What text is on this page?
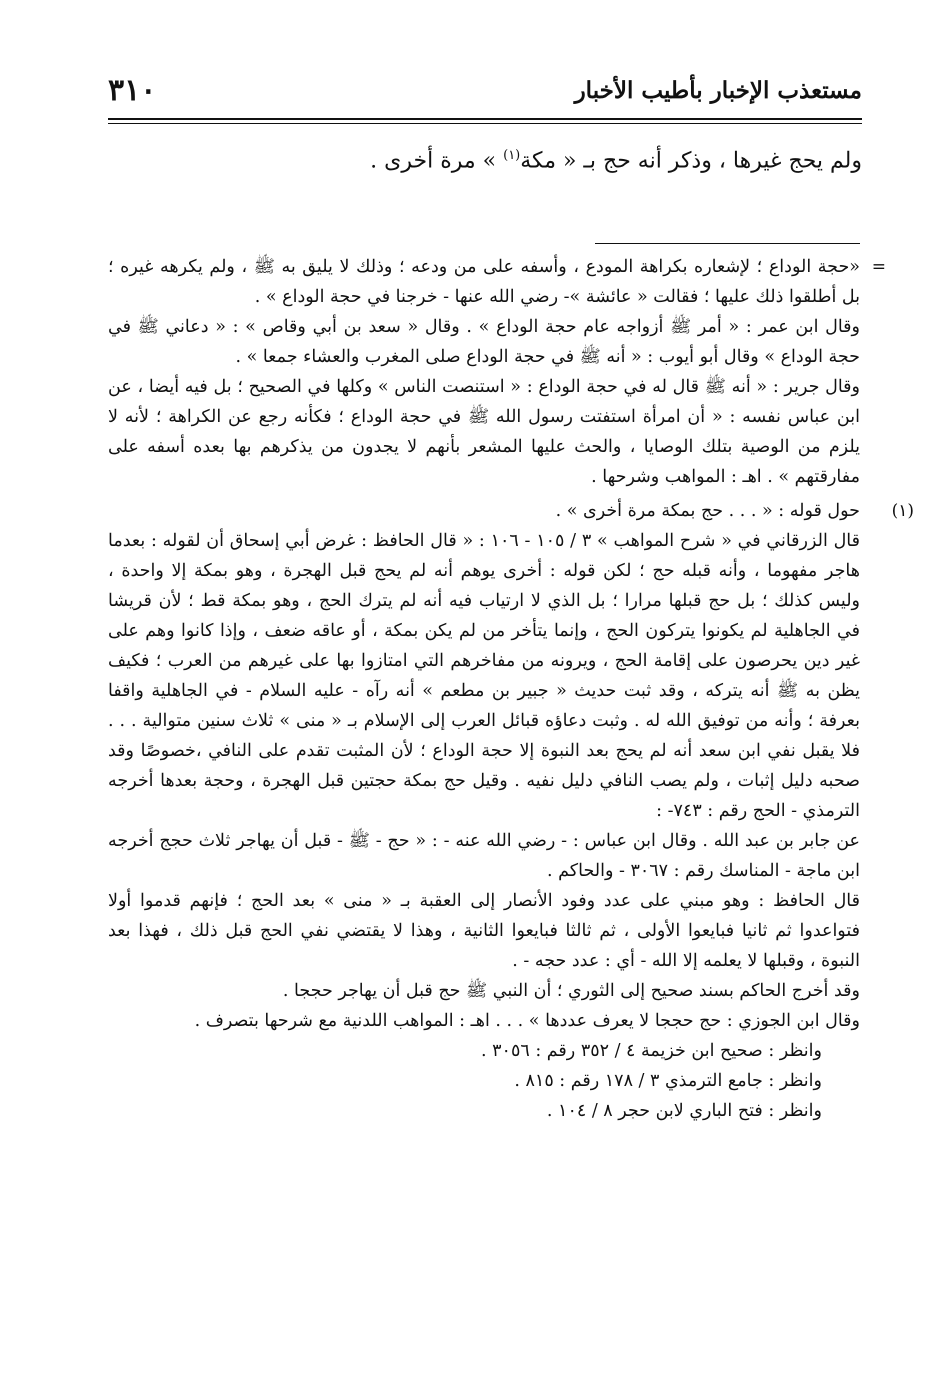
٣١٠	مستعذب الإخبار بأطيب الأخبار
ولم يحج غيرها ، وذكر أنه حج بـ « مكة$^{(١)}$ » مرة أخرى .
=

«حجة الوداع ؛ لإشعاره بكراهة المودع ، وأسفه على من ودعه ؛ وذلك لا يليق به ﷺ ، ولم يكرهه غيره ؛ بل أطلقوا ذلك عليها ؛ فقالت « عائشة »- رضي الله عنها - خرجنا في حجة الوداع » .

وقال ابن عمر : « أمر ﷺ أزواجه عام حجة الوداع » . وقال « سعد بن أبي وقاص » : « دعاني ﷺ في حجة الوداع » وقال أبو أيوب : « أنه ﷺ في حجة الوداع صلى المغرب والعشاء جمعا » .

وقال جرير : « أنه ﷺ قال له في حجة الوداع : « استنصت الناس » وكلها في الصحيح ؛ بل فيه أيضا ، عن ابن عباس نفسه : « أن امرأة استفتت رسول الله ﷺ في حجة الوداع ؛ فكأنه رجع عن الكراهة ؛ لأنه لا يلزم من الوصية بتلك الوصايا ، والحث عليها المشعر بأنهم لا يجدون من يذكرهم بها بعده أسفه على مفارقتهم » . اهـ : المواهب وشرحها .

(١)

حول قوله : « . . . حج بمكة مرة أخرى » .

قال الزرقاني في « شرح المواهب » ٣ / ١٠٥ - ١٠٦ : « قال الحافظ : غرض أبي إسحاق أن لقوله : بعدما هاجر مفهوما ، وأنه قبله حج ؛ لكن قوله : أخرى يوهم أنه لم يحج قبل الهجرة ، وهو بمكة إلا واحدة ، وليس كذلك ؛ بل حج قبلها مرارا ؛ بل الذي لا ارتياب فيه أنه لم يترك الحج ، وهو بمكة قط ؛ لأن قريشا في الجاهلية لم يكونوا يتركون الحج ، وإنما يتأخر من لم يكن بمكة ، أو عاقه ضعف ، وإذا كانوا وهم على غير دين يحرصون على إقامة الحج ، ويرونه من مفاخرهم التي امتازوا بها على غيرهم من العرب ؛ فكيف يظن به ﷺ أنه يتركه ، وقد ثبت حديث « جبير بن مطعم » أنه رآه - عليه السلام - في الجاهلية واقفا بعرفة ؛ وأنه من توفيق الله له . وثبت دعاؤه قبائل العرب إلى الإسلام بـ « منى » ثلاث سنين متوالية . . . فلا يقبل نفي ابن سعد أنه لم يحج بعد النبوة إلا حجة الوداع ؛ لأن المثبت تقدم على النافي ،خصوصًا وقد صحبه دليل إثبات ، ولم يصب النافي دليل نفيه . وقيل حج بمكة حجتين قبل الهجرة ، وحجة بعدها أخرجه الترمذي - الحج رقم : ٧٤٣- :

عن جابر بن عبد الله . وقال ابن عباس : - رضي الله عنه - : « حج - ﷺ - قبل أن يهاجر ثلاث حجج أخرجه ابن ماجة - المناسك رقم : ٣٠٦٧ - والحاكم .

قال الحافظ : وهو مبني على عدد وفود الأنصار إلى العقبة بـ « منى » بعد الحج ؛ فإنهم قدموا أولا فتواعدوا ثم ثانيا فبايعوا الأولى ، ثم ثالثا فبايعوا الثانية ، وهذا لا يقتضي نفي الحج قبل ذلك ، فهذا بعد النبوة ، وقبلها لا يعلمه إلا الله - أي : عدد حجه - .

وقد أخرج الحاكم بسند صحيح إلى الثوري ؛ أن النبي ﷺ حج قبل أن يهاجر حججا .

وقال ابن الجوزي : حج حججا لا يعرف عددها » . . . اهـ : المواهب اللدنية مع شرحها بتصرف .

وانظر : صحيح ابن خزيمة ٤ / ٣٥٢ رقم : ٣٠٥٦ .

وانظر : جامع الترمذي ٣ / ١٧٨ رقم : ٨١٥ .

وانظر : فتح الباري لابن حجر ٨ / ١٠٤ .
